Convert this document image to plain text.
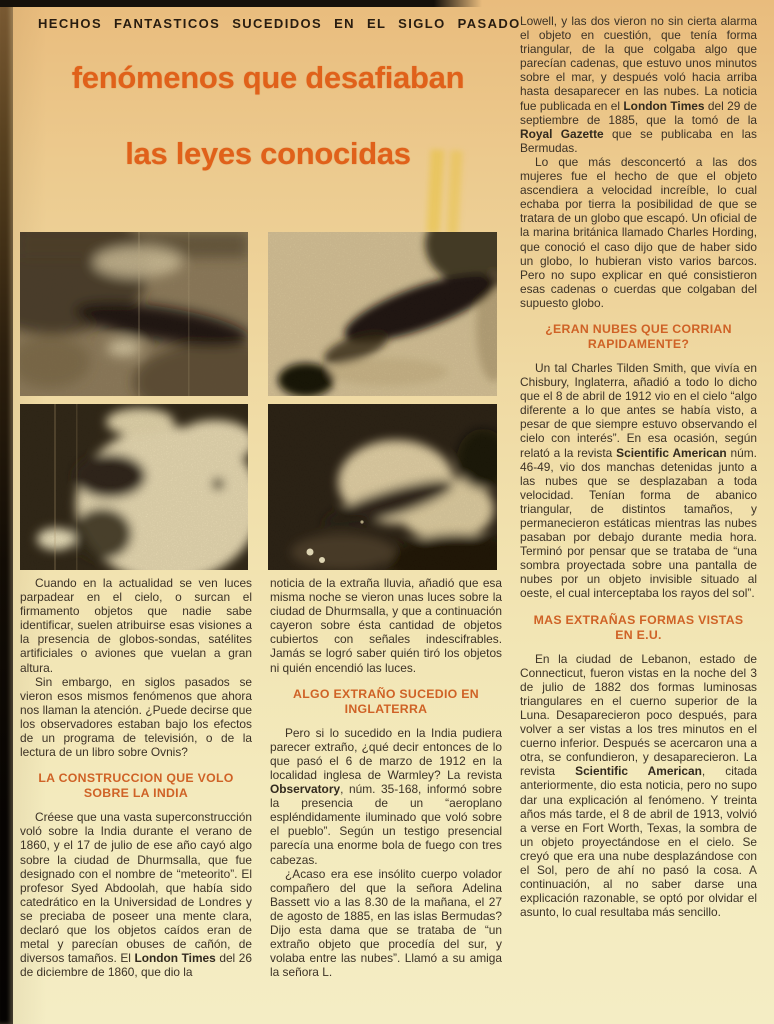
HECHOS FANTASTICOS SUCEDIDOS EN EL SIGLO PASADO
fenómenos que desafiaban
las leyes conocidas

Cuando en la actualidad se ven luces parpadear en el cielo, o surcan el firmamento objetos que nadie sabe identificar, suelen atribuirse esas visiones a la presencia de globos-sondas, satélites artificiales o aviones que vuelan a gran altura.

Sin embargo, en siglos pasados se vieron esos mismos fenómenos que ahora nos llaman la atención. ¿Puede decirse que los observadores estaban bajo los efectos de un programa de televisión, o de la lectura de un libro sobre Ovnis?

LA CONSTRUCCION QUE VOLO SOBRE LA INDIA

Créese que una vasta superconstrucción voló sobre la India durante el verano de 1860, y el 17 de julio de ese año cayó algo sobre la ciudad de Dhurmsalla, que fue designado con el nombre de “meteorito”. El profesor Syed Abdoolah, que había sido catedrático en la Universidad de Londres y se preciaba de poseer una mente clara, declaró que los objetos caídos eran de metal y parecían obuses de cañón, de diversos tamaños. El London Times del 26 de diciembre de 1860, que dio la

noticia de la extraña lluvia, añadió que esa misma noche se vieron unas luces sobre la ciudad de Dhurmsalla, y que a continuación cayeron sobre ésta cantidad de objetos cubiertos con señales indescifrables. Jamás se logró saber quién tiró los objetos ni quién encendió las luces.

ALGO EXTRAÑO SUCEDIO EN INGLATERRA

Pero si lo sucedido en la India pudiera parecer extraño, ¿qué decir entonces de lo que pasó el 6 de marzo de 1912 en la localidad inglesa de Warmley? La revista Observatory, núm. 35-168, informó sobre la presencia de un “aeroplano espléndidamente iluminado que voló sobre el pueblo”. Según un testigo presencial parecía una enorme bola de fuego con tres cabezas.

¿Acaso era ese insólito cuerpo volador compañero del que la señora Adelina Bassett vio a las 8.30 de la mañana, el 27 de agosto de 1885, en las islas Bermudas? Dijo esta dama que se trataba de “un extraño objeto que procedía del sur, y volaba entre las nubes”. Llamó a su amiga la señora L.

Lowell, y las dos vieron no sin cierta alarma el objeto en cuestión, que tenía forma triangular, de la que colgaba algo que parecían cadenas, que estuvo unos minutos sobre el mar, y después voló hacia arriba hasta desaparecer en las nubes. La noticia fue publicada en el London Times del 29 de septiembre de 1885, que la tomó de la Royal Gazette que se publicaba en las Bermudas.

Lo que más desconcertó a las dos mujeres fue el hecho de que el objeto ascendiera a velocidad increíble, lo cual echaba por tierra la posibilidad de que se tratara de un globo que escapó. Un oficial de la marina británica llamado Charles Hording, que conoció el caso dijo que de haber sido un globo, lo hubieran visto varios barcos. Pero no supo explicar en qué consistieron esas cadenas o cuerdas que colgaban del supuesto globo.

¿ERAN NUBES QUE CORRIAN RAPIDAMENTE?

Un tal Charles Tilden Smith, que vivía en Chisbury, Inglaterra, añadió a todo lo dicho que el 8 de abril de 1912 vio en el cielo “algo diferente a lo que antes se había visto, a pesar de que siempre estuvo observando el cielo con interés”. En esa ocasión, según relató a la revista Scientific American núm. 46-49, vio dos manchas detenidas junto a las nubes que se desplazaban a toda velocidad. Tenían forma de abanico triangular, de distintos tamaños, y permanecieron estáticas mientras las nubes pasaban por debajo durante media hora. Terminó por pensar que se trataba de “una sombra proyectada sobre una pantalla de nubes por un objeto invisible situado al oeste, el cual interceptaba los rayos del sol”.

MAS EXTRAÑAS FORMAS VISTAS EN E.U.

En la ciudad de Lebanon, estado de Connecticut, fueron vistas en la noche del 3 de julio de 1882 dos formas luminosas triangulares en el cuerno superior de la Luna. Desaparecieron poco después, para volver a ser vistas a los tres minutos en el cuerno inferior. Después se acercaron una a otra, se confundieron, y desaparecieron. La revista Scientific American, citada anteriormente, dio esta noticia, pero no supo dar una explicación al fenómeno. Y treinta años más tarde, el 8 de abril de 1913, volvió a verse en Fort Worth, Texas, la sombra de un objeto proyectándose en el cielo. Se creyó que era una nube desplazándose con el Sol, pero de ahí no pasó la cosa. A continuación, al no saber darse una explicación razonable, se optó por olvidar el asunto, lo cual resultaba más sencillo.
